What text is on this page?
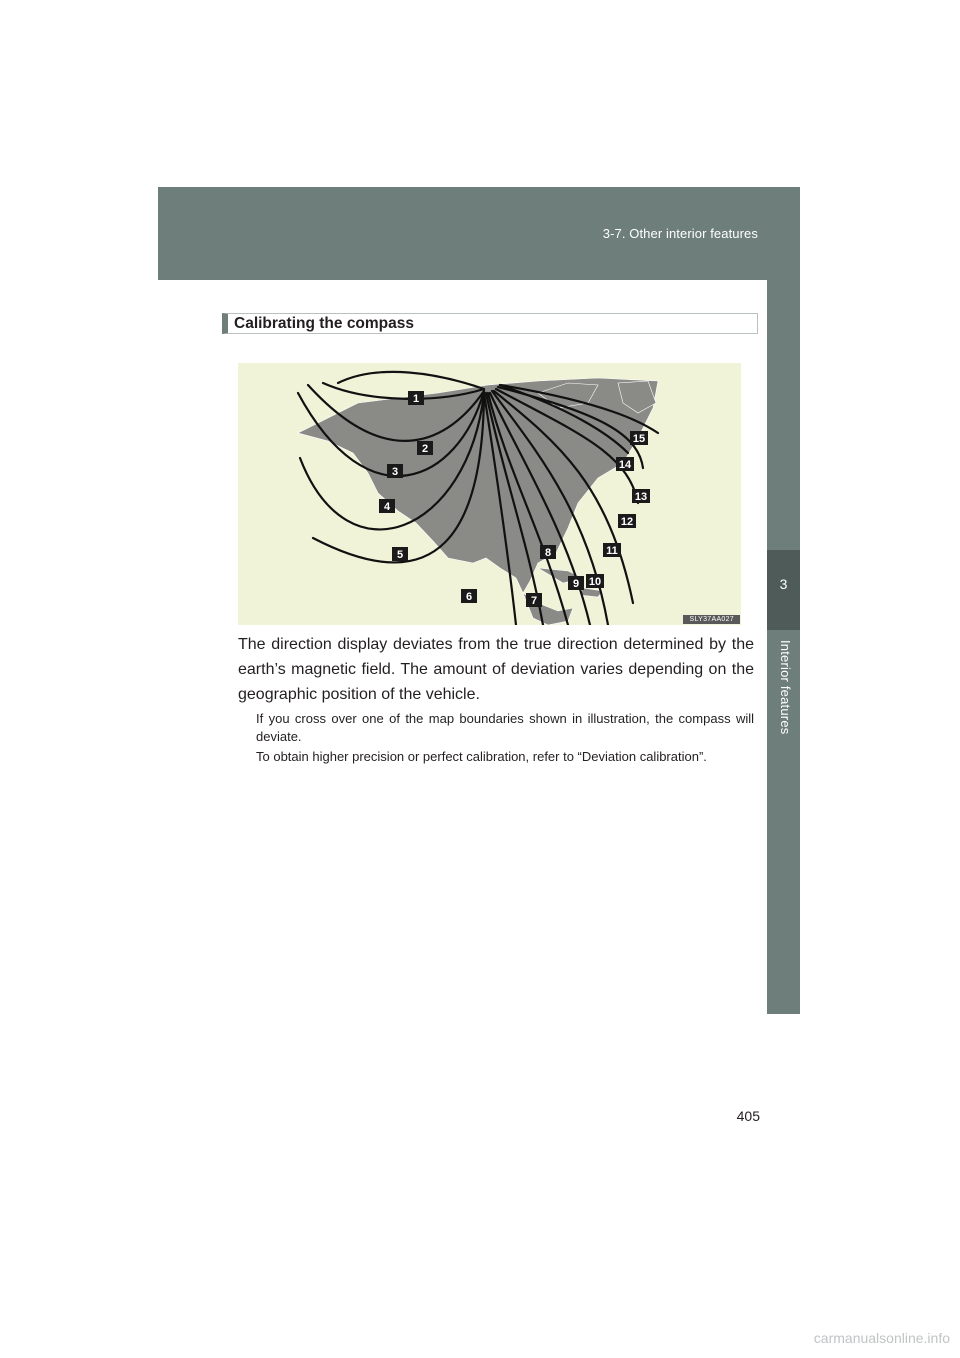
3-7. Other interior features
3
Interior features
Calibrating the compass
1
2
3
4
5
6	7
8
9 10
11
12
13
14
15
SLY37AA027

The direction display deviates from the true direction determined by the earth’s magnetic field. The amount of deviation varies depending on the geographic position of the vehicle.

If you cross over one of the map boundaries shown in illustration, the compass will deviate.

To obtain higher precision or perfect calibration, refer to “Deviation calibration”.

405
carmanualsonline.info
